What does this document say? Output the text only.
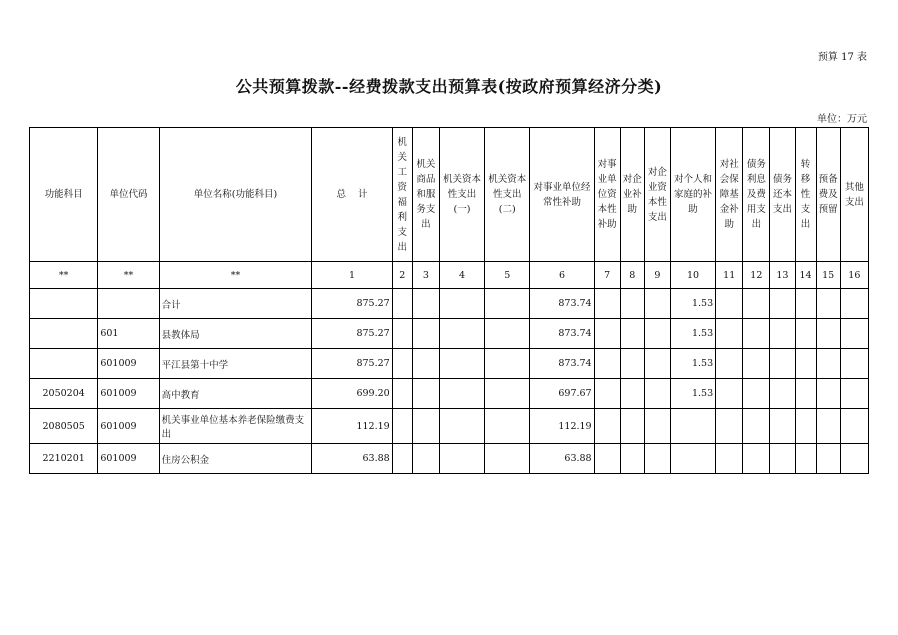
预算 17 表
公共预算拨款--经费拨款支出预算表(按政府预算经济分类)
单位：万元
功能科目	单位代码	单位名称(功能科目)	总    计	机关工资福利支出	机关商品和服务支出	机关资本性支出(一)	机关资本性支出(二)	对事业单位经常性补助	对事业单位资本性补助	对企业补助	对企业资本性支出	对个人和家庭的补助	对社会保障基金补助	债务利息及费用支出	债务还本支出	转移性支出	预备费及预留	其他支出
**	**	**	1	2	3	4	5	6	7	8	9	10	11	12	13	14	15	16
		合计	875.27					873.74				1.53						
	601	县教体局	875.27					873.74				1.53						
	601009	平江县第十中学	875.27					873.74				1.53						
2050204	601009	高中教育	699.20					697.67				1.53						
2080505	601009	机关事业单位基本养老保险缴费支出	112.19					112.19										
2210201	601009	住房公积金	63.88					63.88										
